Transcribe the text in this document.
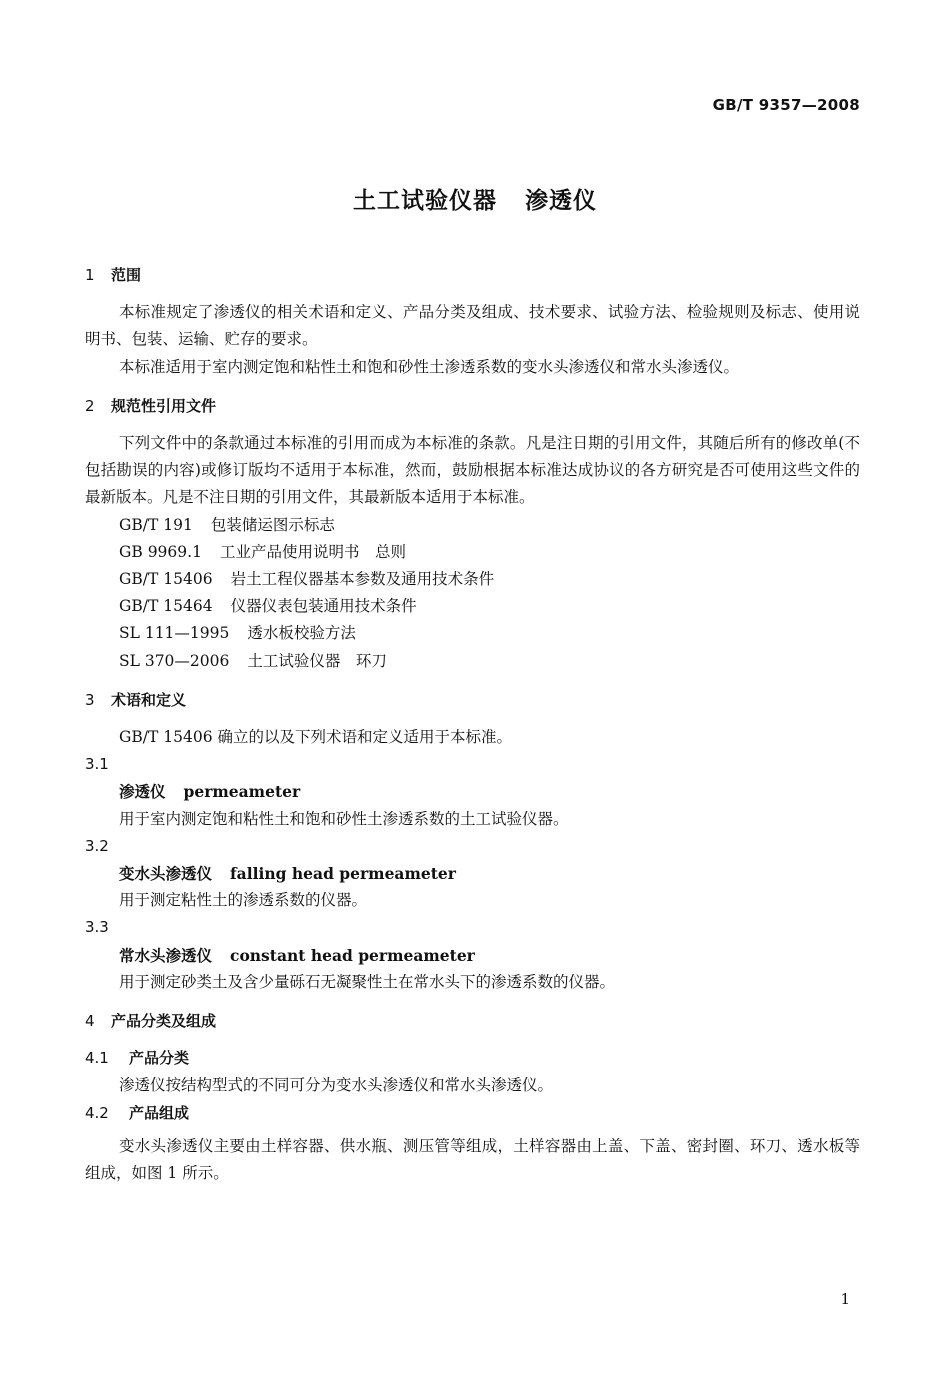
GB/T 9357—2008
土工试验仪器 渗透仪
1 范围

本标准规定了渗透仪的相关术语和定义、产品分类及组成、技术要求、试验方法、检验规则及标志、使用说明书、包装、运输、贮存的要求。

本标准适用于室内测定饱和粘性土和饱和砂性土渗透系数的变水头渗透仪和常水头渗透仪。

2 规范性引用文件

下列文件中的条款通过本标准的引用而成为本标准的条款。凡是注日期的引用文件，其随后所有的修改单(不包括勘误的内容)或修订版均不适用于本标准，然而，鼓励根据本标准达成协议的各方研究是否可使用这些文件的最新版本。凡是不注日期的引用文件，其最新版本适用于本标准。

GB/T 191 包装储运图示标志
GB 9969.1 工业产品使用说明书　总则
GB/T 15406 岩土工程仪器基本参数及通用技术条件
GB/T 15464 仪器仪表包装通用技术条件
SL 111—1995 透水板校验方法
SL 370—2006 土工试验仪器　环刀
3 术语和定义

GB/T 15406 确立的以及下列术语和定义适用于本标准。

3.1
渗透仪 permeameter

用于室内测定饱和粘性土和饱和砂性土渗透系数的土工试验仪器。

3.2
变水头渗透仪 falling head permeameter

用于测定粘性土的渗透系数的仪器。

3.3
常水头渗透仪 constant head permeameter

用于测定砂类土及含少量砾石无凝聚性土在常水头下的渗透系数的仪器。

4 产品分类及组成
4.1 产品分类

渗透仪按结构型式的不同可分为变水头渗透仪和常水头渗透仪。

4.2 产品组成

变水头渗透仪主要由土样容器、供水瓶、测压管等组成，土样容器由上盖、下盖、密封圈、环刀、透水板等组成，如图 1 所示。

1
